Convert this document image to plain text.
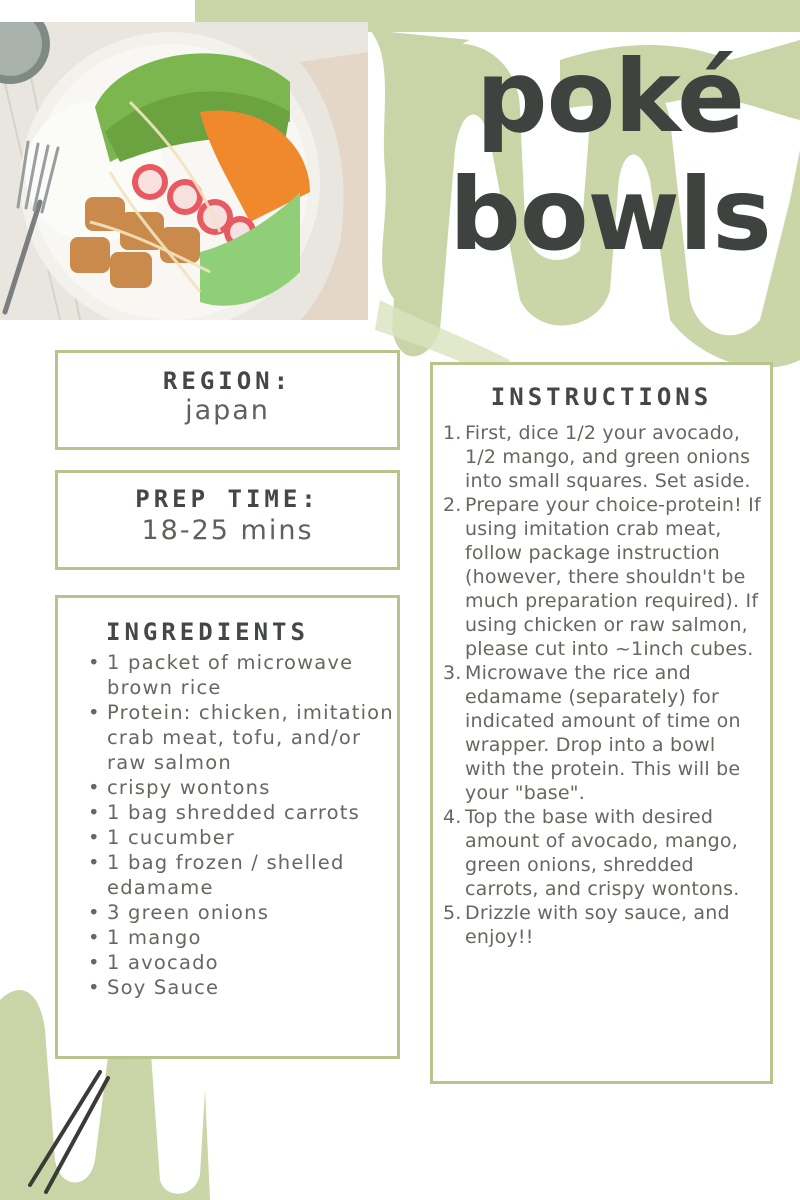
poké
bowls
REGION:
japan
PREP TIME:
18-25 mins
INGREDIENTS
• 1 packet of microwave brown rice
• Protein: chicken, imitation crab meat, tofu, and/or raw salmon
• crispy wontons
• 1 bag shredded carrots
• 1 cucumber
• 1 bag frozen / shelled edamame
• 3 green onions
• 1 mango
• 1 avocado
• Soy Sauce
INSTRUCTIONS
1. First, dice 1/2 your avocado, 1/2 mango, and green onions into small squares. Set aside.
2. Prepare your choice-protein! If using imitation crab meat, follow package instruction (however, there shouldn't be much preparation required). If using chicken or raw salmon, please cut into ~1inch cubes.
3. Microwave the rice and edamame (separately) for indicated amount of time on wrapper. Drop into a bowl with the protein. This will be your "base".
4. Top the base with desired amount of avocado, mango, green onions, shredded carrots, and crispy wontons.
5. Drizzle with soy sauce, and enjoy!!
